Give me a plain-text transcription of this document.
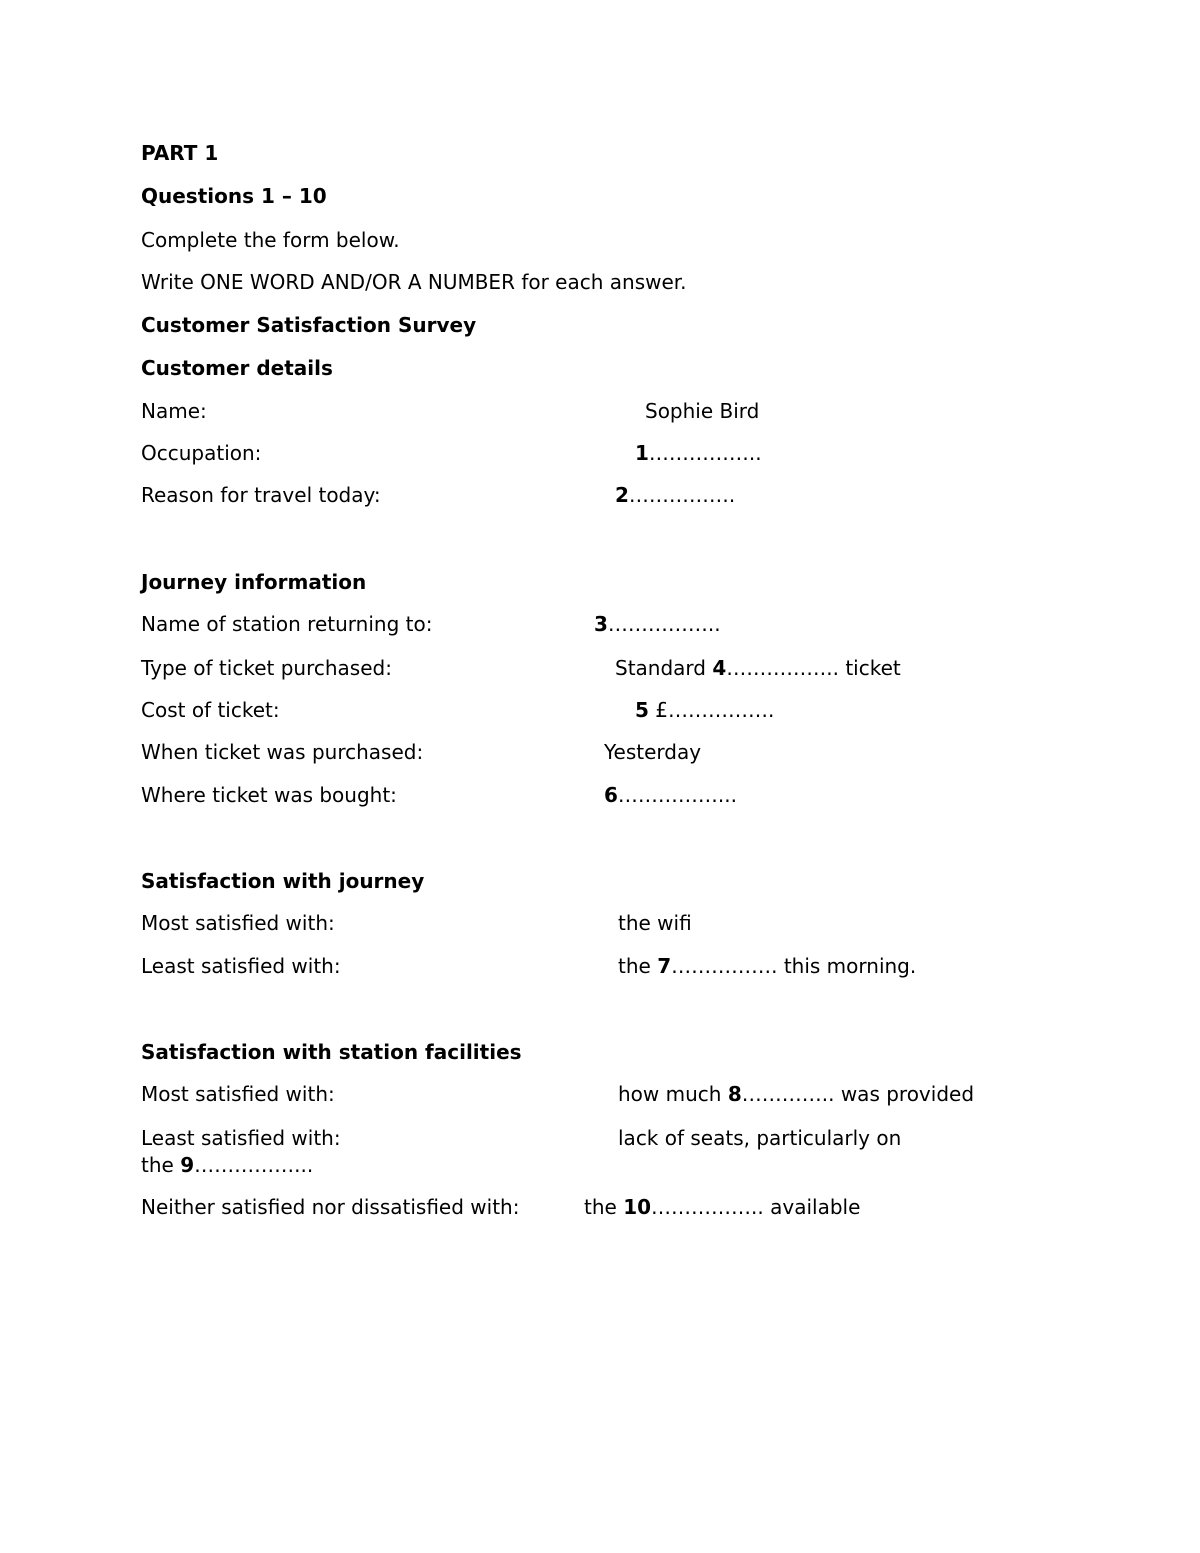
PART 1
Questions 1 – 10
Complete the form below.
Write ONE WORD AND/OR A NUMBER for each answer.
Customer Satisfaction Survey
Customer details
Name:	Sophie Bird
Occupation:	1……………..
Reason for travel today:	2…………….
Journey information
Name of station returning to:	3……………..
Type of ticket purchased:	Standard 4…………….. ticket
Cost of ticket:	5 £…………….
When ticket was purchased:	Yesterday
Where ticket was bought:	6……………...
Satisfaction with journey
Most satisfied with:	the wifi
Least satisfied with:	the 7……………. this morning.
Satisfaction with station facilities
Most satisfied with:	how much 8………….. was provided
Least satisfied with:	lack of seats, particularly on
the 9……………...
Neither satisfied nor dissatisfied with:	the 10…………….. available
